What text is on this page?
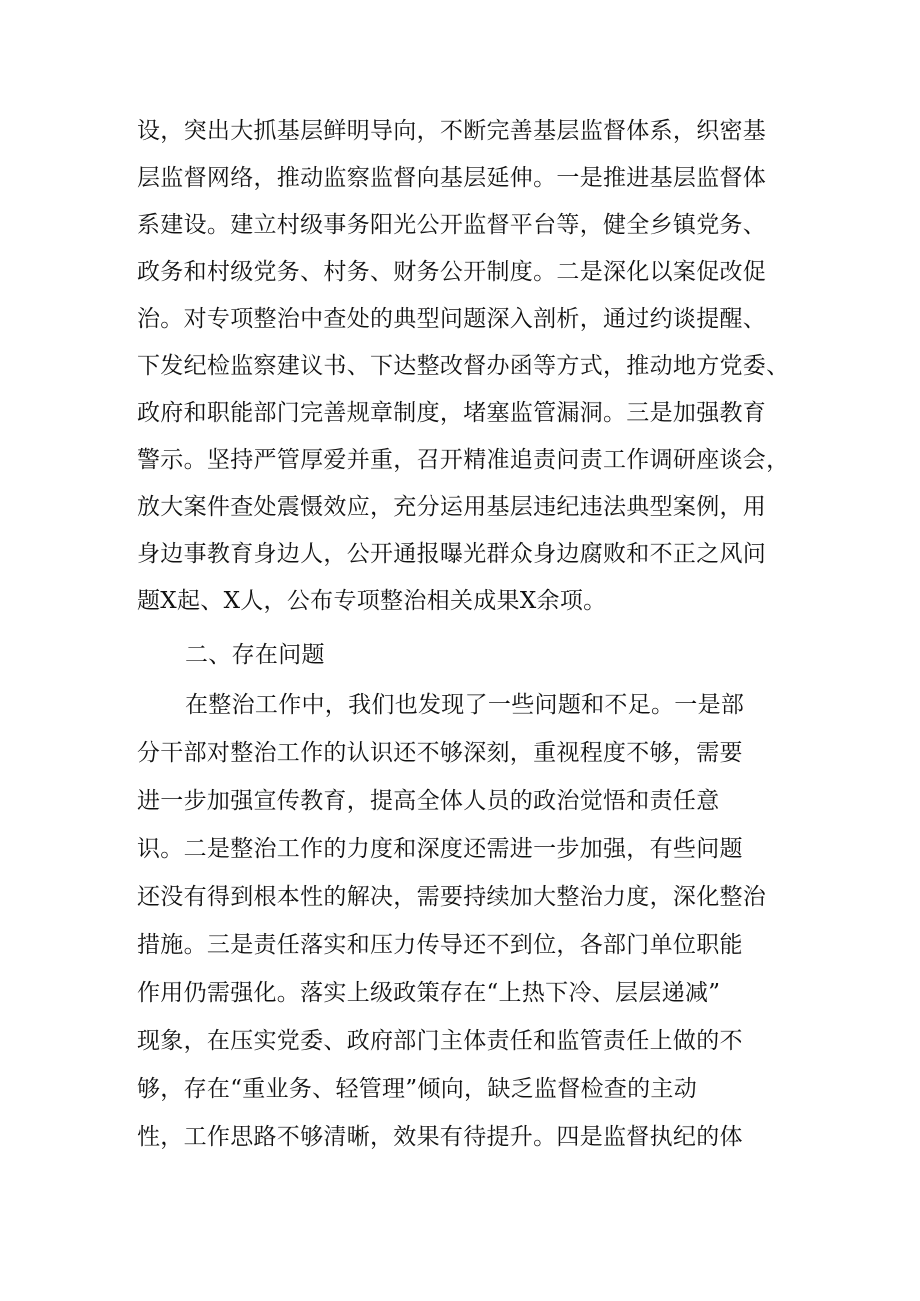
设，突出大抓基层鲜明导向，不断完善基层监督体系，织密基
层监督网络，推动监察监督向基层延伸。一是推进基层监督体
系建设。建立村级事务阳光公开监督平台等，健全乡镇党务、
政务和村级党务、村务、财务公开制度。二是深化以案促改促
治。对专项整治中查处的典型问题深入剖析，通过约谈提醒、
下发纪检监察建议书、下达整改督办函等方式，推动地方党委、
政府和职能部门完善规章制度，堵塞监管漏洞。三是加强教育
警示。坚持严管厚爱并重，召开精准追责问责工作调研座谈会，
放大案件查处震慑效应，充分运用基层违纪违法典型案例，用
身边事教育身边人，公开通报曝光群众身边腐败和不正之风问
题X起、X人，公布专项整治相关成果X余项。
二、存在问题
在整治工作中，我们也发现了一些问题和不足。一是部
分干部对整治工作的认识还不够深刻，重视程度不够，需要
进一步加强宣传教育，提高全体人员的政治觉悟和责任意
识。二是整治工作的力度和深度还需进一步加强，有些问题
还没有得到根本性的解决，需要持续加大整治力度，深化整治
措施。三是责任落实和压力传导还不到位，各部门单位职能
作用仍需强化。落实上级政策存在“上热下冷、层层递减”
现象，在压实党委、政府部门主体责任和监管责任上做的不
够，存在“重业务、轻管理”倾向，缺乏监督检查的主动
性，工作思路不够清晰，效果有待提升。四是监督执纪的体
